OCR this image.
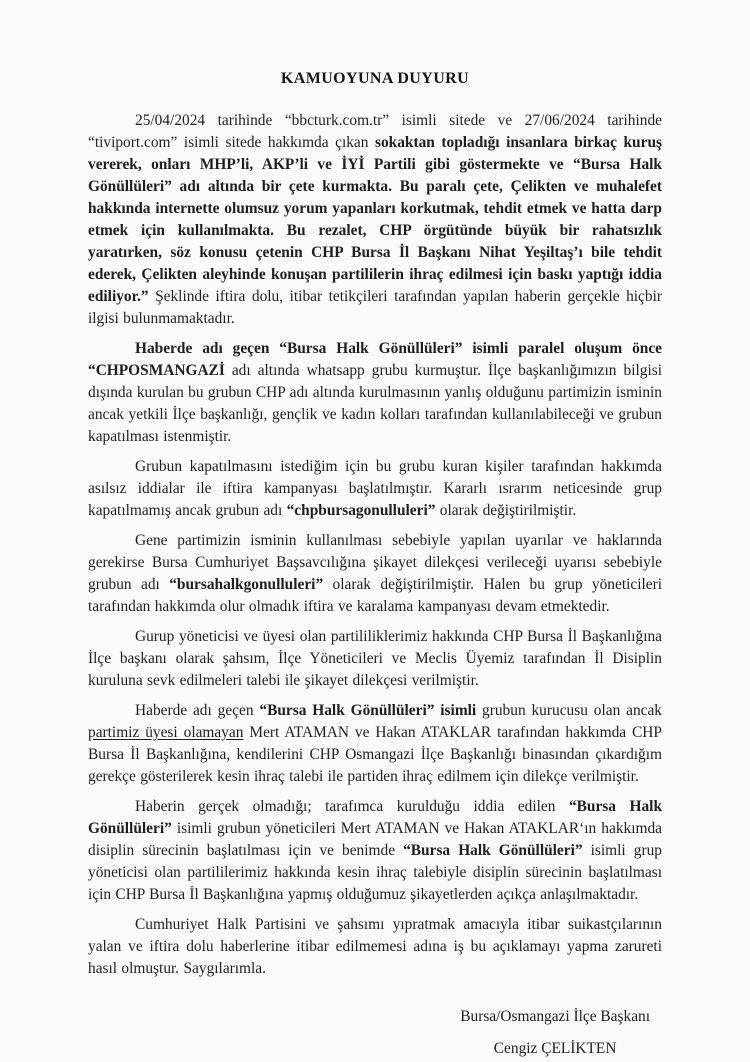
KAMUOYUNA DUYURU

25/04/2024 tarihinde “bbcturk.com.tr” isimli sitede ve 27/06/2024 tarihinde “tiviport.com” isimli sitede hakkımda çıkan sokaktan topladığı insanlara birkaç kuruş vererek, onları MHP’li, AKP’li ve İYİ Partili gibi göstermekte ve “Bursa Halk Gönüllüleri” adı altında bir çete kurmakta. Bu paralı çete, Çelikten ve muhalefet hakkında internette olumsuz yorum yapanları korkutmak, tehdit etmek ve hatta darp etmek için kullanılmakta. Bu rezalet, CHP örgütünde büyük bir rahatsızlık yaratırken, söz konusu çetenin CHP Bursa İl Başkanı Nihat Yeşiltaş’ı bile tehdit ederek, Çelikten aleyhinde konuşan partililerin ihraç edilmesi için baskı yaptığı iddia ediliyor.” Şeklinde iftira dolu, itibar tetikçileri tarafından yapılan haberin gerçekle hiçbir ilgisi bulunmamaktadır.

Haberde adı geçen “Bursa Halk Gönüllüleri” isimli paralel oluşum önce “CHPOSMANGAZİ adı altında whatsapp grubu kurmuştur. İlçe başkanlığımızın bilgisi dışında kurulan bu grubun CHP adı altında kurulmasının yanlış olduğunu partimizin isminin ancak yetkili İlçe başkanlığı, gençlik ve kadın kolları tarafından kullanılabileceği ve grubun kapatılması istenmiştir.

Grubun kapatılmasını istediğim için bu grubu kuran kişiler tarafından hakkımda asılsız iddialar ile iftira kampanyası başlatılmıştır. Kararlı ısrarım neticesinde grup kapatılmamış ancak grubun adı “chpbursagonulluleri” olarak değiştirilmiştir.

Gene partimizin isminin kullanılması sebebiyle yapılan uyarılar ve haklarında gerekirse Bursa Cumhuriyet Başsavcılığına şikayet dilekçesi verileceği uyarısı sebebiyle grubun adı “bursahalkgonulluleri” olarak değiştirilmiştir. Halen bu grup yöneticileri tarafından hakkımda olur olmadık iftira ve karalama kampanyası devam etmektedir.

Gurup yöneticisi ve üyesi olan partililiklerimiz hakkında CHP Bursa İl Başkanlığına İlçe başkanı olarak şahsım, İlçe Yöneticileri ve Meclis Üyemiz tarafından İl Disiplin kuruluna sevk edilmeleri talebi ile şikayet dilekçesi verilmiştir.

Haberde adı geçen “Bursa Halk Gönüllüleri” isimli grubun kurucusu olan ancak partimiz üyesi olamayan Mert ATAMAN ve Hakan ATAKLAR tarafından hakkımda CHP Bursa İl Başkanlığına, kendilerini CHP Osmangazi İlçe Başkanlığı binasından çıkardığım gerekçe gösterilerek kesin ihraç talebi ile partiden ihraç edilmem için dilekçe verilmiştir.

Haberin gerçek olmadığı; tarafımca kurulduğu iddia edilen “Bursa Halk Gönüllüleri” isimli grubun yöneticileri Mert ATAMAN ve Hakan ATAKLAR‘ın hakkımda disiplin sürecinin başlatılması için ve benimde “Bursa Halk Gönüllüleri” isimli grup yöneticisi olan partililerimiz hakkında kesin ihraç talebiyle disiplin sürecinin başlatılması için CHP Bursa İl Başkanlığına yapmış olduğumuz şikayetlerden açıkça anlaşılmaktadır.

Cumhuriyet Halk Partisini ve şahsımı yıpratmak amacıyla itibar suikastçılarının yalan ve iftira dolu haberlerine itibar edilmemesi adına iş bu açıklamayı yapma zarureti hasıl olmuştur. Saygılarımla.

Bursa/Osmangazi İlçe Başkanı
Cengiz ÇELİKTEN
